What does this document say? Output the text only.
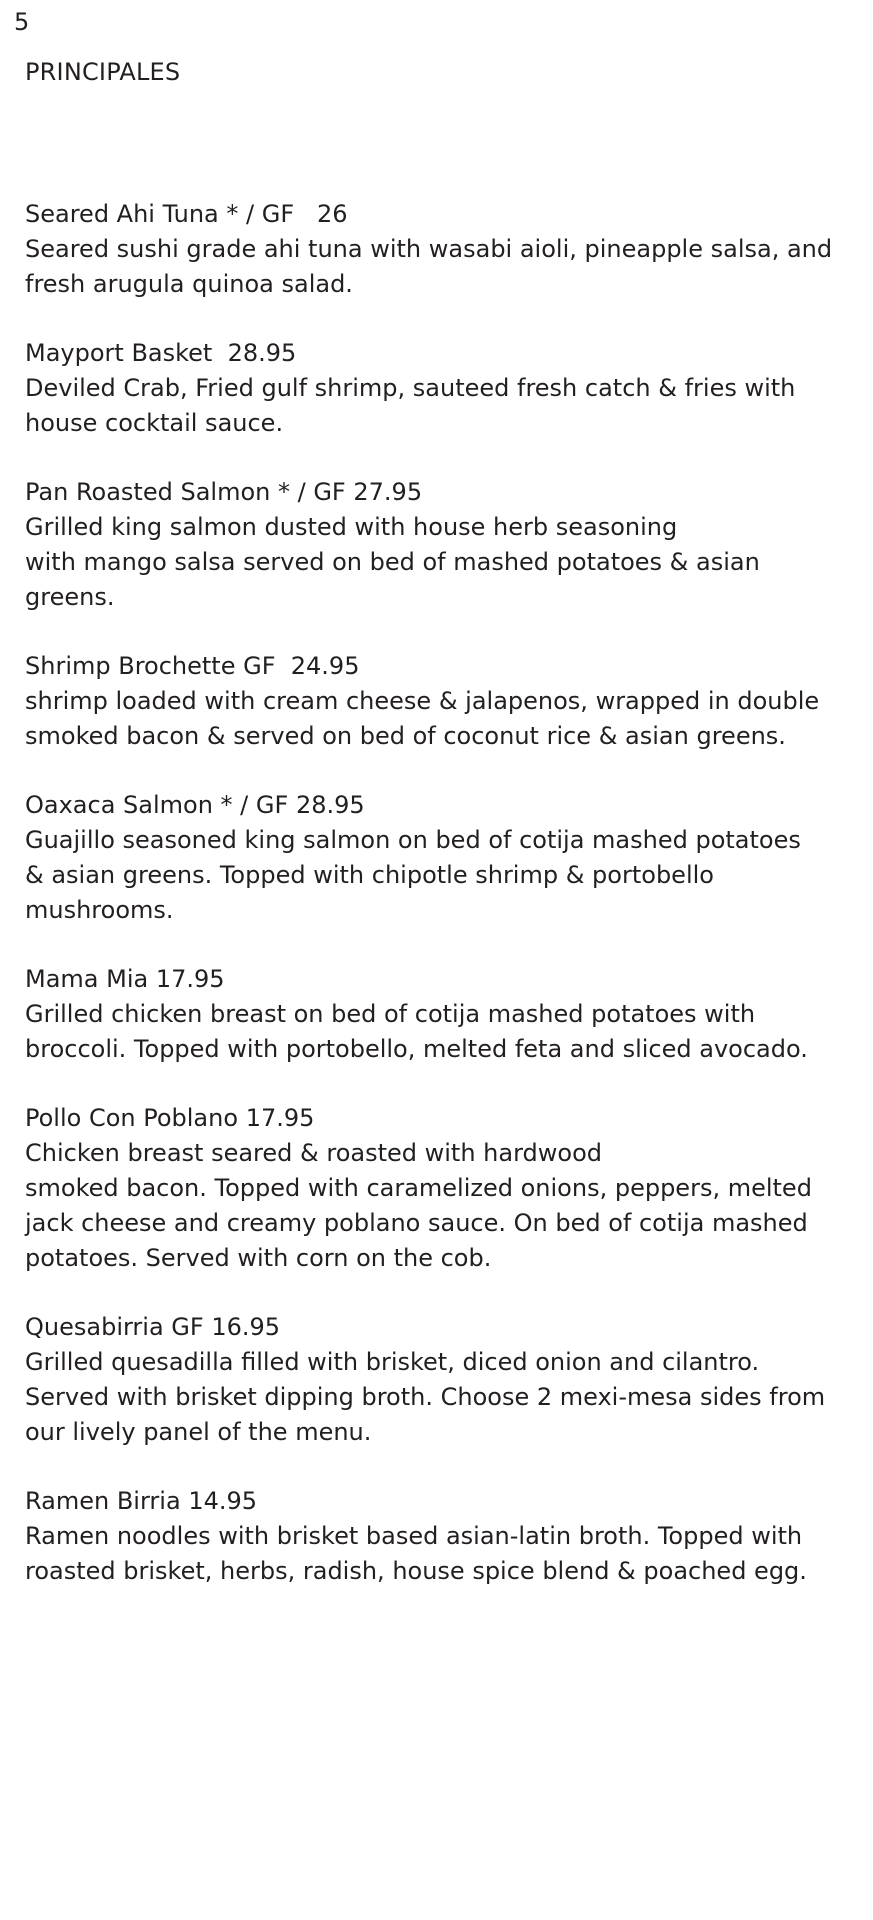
5
PRINCIPALES
Seared Ahi Tuna * / GF 26
Seared sushi grade ahi tuna with wasabi aioli, pineapple salsa, and
fresh arugula quinoa salad.
Mayport Basket 28.95
Deviled Crab, Fried gulf shrimp, sauteed fresh catch & fries with
house cocktail sauce.
Pan Roasted Salmon * / GF 27.95
Grilled king salmon dusted with house herb seasoning
with mango salsa served on bed of mashed potatoes & asian greens.
Shrimp Brochette GF 24.95
shrimp loaded with cream cheese & jalapenos, wrapped in double
smoked bacon & served on bed of coconut rice & asian greens.
Oaxaca Salmon * / GF 28.95
Guajillo seasoned king salmon on bed of cotija mashed potatoes
& asian greens. Topped with chipotle shrimp & portobello
mushrooms.
Mama Mia 17.95
Grilled chicken breast on bed of cotija mashed potatoes with
broccoli. Topped with portobello, melted feta and sliced avocado.
Pollo Con Poblano 17.95
Chicken breast seared & roasted with hardwood
smoked bacon. Topped with caramelized onions, peppers, melted
jack cheese and creamy poblano sauce. On bed of cotija mashed
potatoes. Served with corn on the cob.
Quesabirria GF 16.95
Grilled quesadilla filled with brisket, diced onion and cilantro.
Served with brisket dipping broth. Choose 2 mexi-mesa sides from
our lively panel of the menu.
Ramen Birria 14.95
Ramen noodles with brisket based asian-latin broth. Topped with
roasted brisket, herbs, radish, house spice blend & poached egg.
